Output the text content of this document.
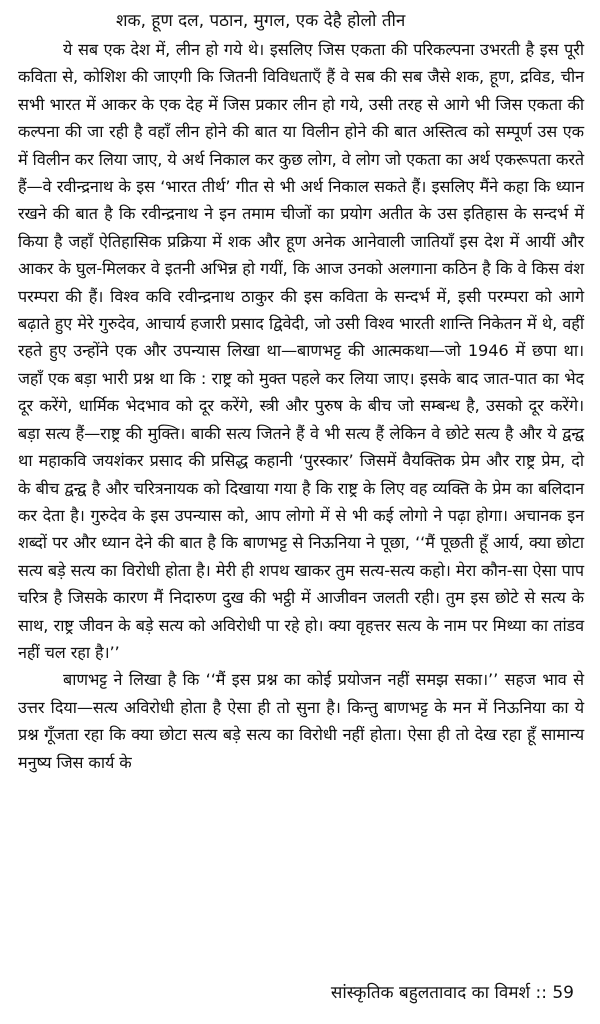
शक, हूण दल, पठान, मुगल, एक देहै होलो तीन

ये सब एक देश में, लीन हो गये थे। इसलिए जिस एकता की परिकल्पना उभरती है इस पूरी कविता से, कोशिश की जाएगी कि जितनी विविधताएँ हैं वे सब की सब जैसे शक, हूण, द्रविड, चीन सभी भारत में आकर के एक देह में जिस प्रकार लीन हो गये, उसी तरह से आगे भी जिस एकता की कल्पना की जा रही है वहाँ लीन होने की बात या विलीन होने की बात अस्तित्व को सम्पूर्ण उस एक में विलीन कर लिया जाए, ये अर्थ निकाल कर कुछ लोग, वे लोग जो एकता का अर्थ एकरूपता करते हैं—वे रवीन्द्रनाथ के इस ‘भारत तीर्थ’ गीत से भी अर्थ निकाल सकते हैं। इसलिए मैंने कहा कि ध्यान रखने की बात है कि रवीन्द्रनाथ ने इन तमाम चीजों का प्रयोग अतीत के उस इतिहास के सन्दर्भ में किया है जहाँ ऐतिहासिक प्रक्रिया में शक और हूण अनेक आनेवाली जातियाँ इस देश में आयीं और आकर के घुल-मिलकर वे इतनी अभिन्न हो गयीं, कि आज उनको अलगाना कठिन है कि वे किस वंश परम्परा की हैं। विश्व कवि रवीन्द्रनाथ ठाकुर की इस कविता के सन्दर्भ में, इसी परम्परा को आगे बढ़ाते हुए मेरे गुरुदेव, आचार्य हजारी प्रसाद द्विवेदी, जो उसी विश्व भारती शान्ति निकेतन में थे, वहीं रहते हुए उन्होंने एक और उपन्यास लिखा था—बाणभट्ट की आत्मकथा—जो 1946 में छपा था। जहाँ एक बड़ा भारी प्रश्न था कि : राष्ट्र को मुक्त पहले कर लिया जाए। इसके बाद जात-पात का भेद दूर करेंगे, धार्मिक भेदभाव को दूर करेंगे, स्त्री और पुरुष के बीच जो सम्बन्ध है, उसको दूर करेंगे। बड़ा सत्य हैं—राष्ट्र की मुक्ति। बाकी सत्य जितने हैं वे भी सत्य हैं लेकिन वे छोटे सत्य है और ये द्वन्द्व था महाकवि जयशंकर प्रसाद की प्रसिद्ध कहानी ‘पुरस्कार’ जिसमें वैयक्तिक प्रेम और राष्ट्र प्रेम, दो के बीच द्वन्द्व है और चरित्रनायक को दिखाया गया है कि राष्ट्र के लिए वह व्यक्ति के प्रेम का बलिदान कर देता है। गुरुदेव के इस उपन्यास को, आप लोगो में से भी कई लोगो ने पढ़ा होगा। अचानक इन शब्दों पर और ध्यान देने की बात है कि बाणभट्ट से निऊनिया ने पूछा, ‘‘मैं पूछती हूँ आर्य, क्या छोटा सत्य बड़े सत्य का विरोधी होता है। मेरी ही शपथ खाकर तुम सत्य-सत्य कहो। मेरा कौन-सा ऐसा पाप चरित्र है जिसके कारण मैं निदारुण दुख की भट्ठी में आजीवन जलती रही। तुम इस छोटे से सत्य के साथ, राष्ट्र जीवन के बड़े सत्य को अविरोधी पा रहे हो। क्या वृहत्तर सत्य के नाम पर मिथ्या का तांडव नहीं चल रहा है।’’

बाणभट्ट ने लिखा है कि ‘‘मैं इस प्रश्न का कोई प्रयोजन नहीं समझ सका।’’ सहज भाव से उत्तर दिया—सत्य अविरोधी होता है ऐसा ही तो सुना है। किन्तु बाणभट्ट के मन में निऊनिया का ये प्रश्न गूँजता रहा कि क्या छोटा सत्य बड़े सत्य का विरोधी नहीं होता। ऐसा ही तो देख रहा हूँ सामान्य मनुष्य जिस कार्य के

सांस्कृतिक बहुलतावाद का विमर्श :: 59
